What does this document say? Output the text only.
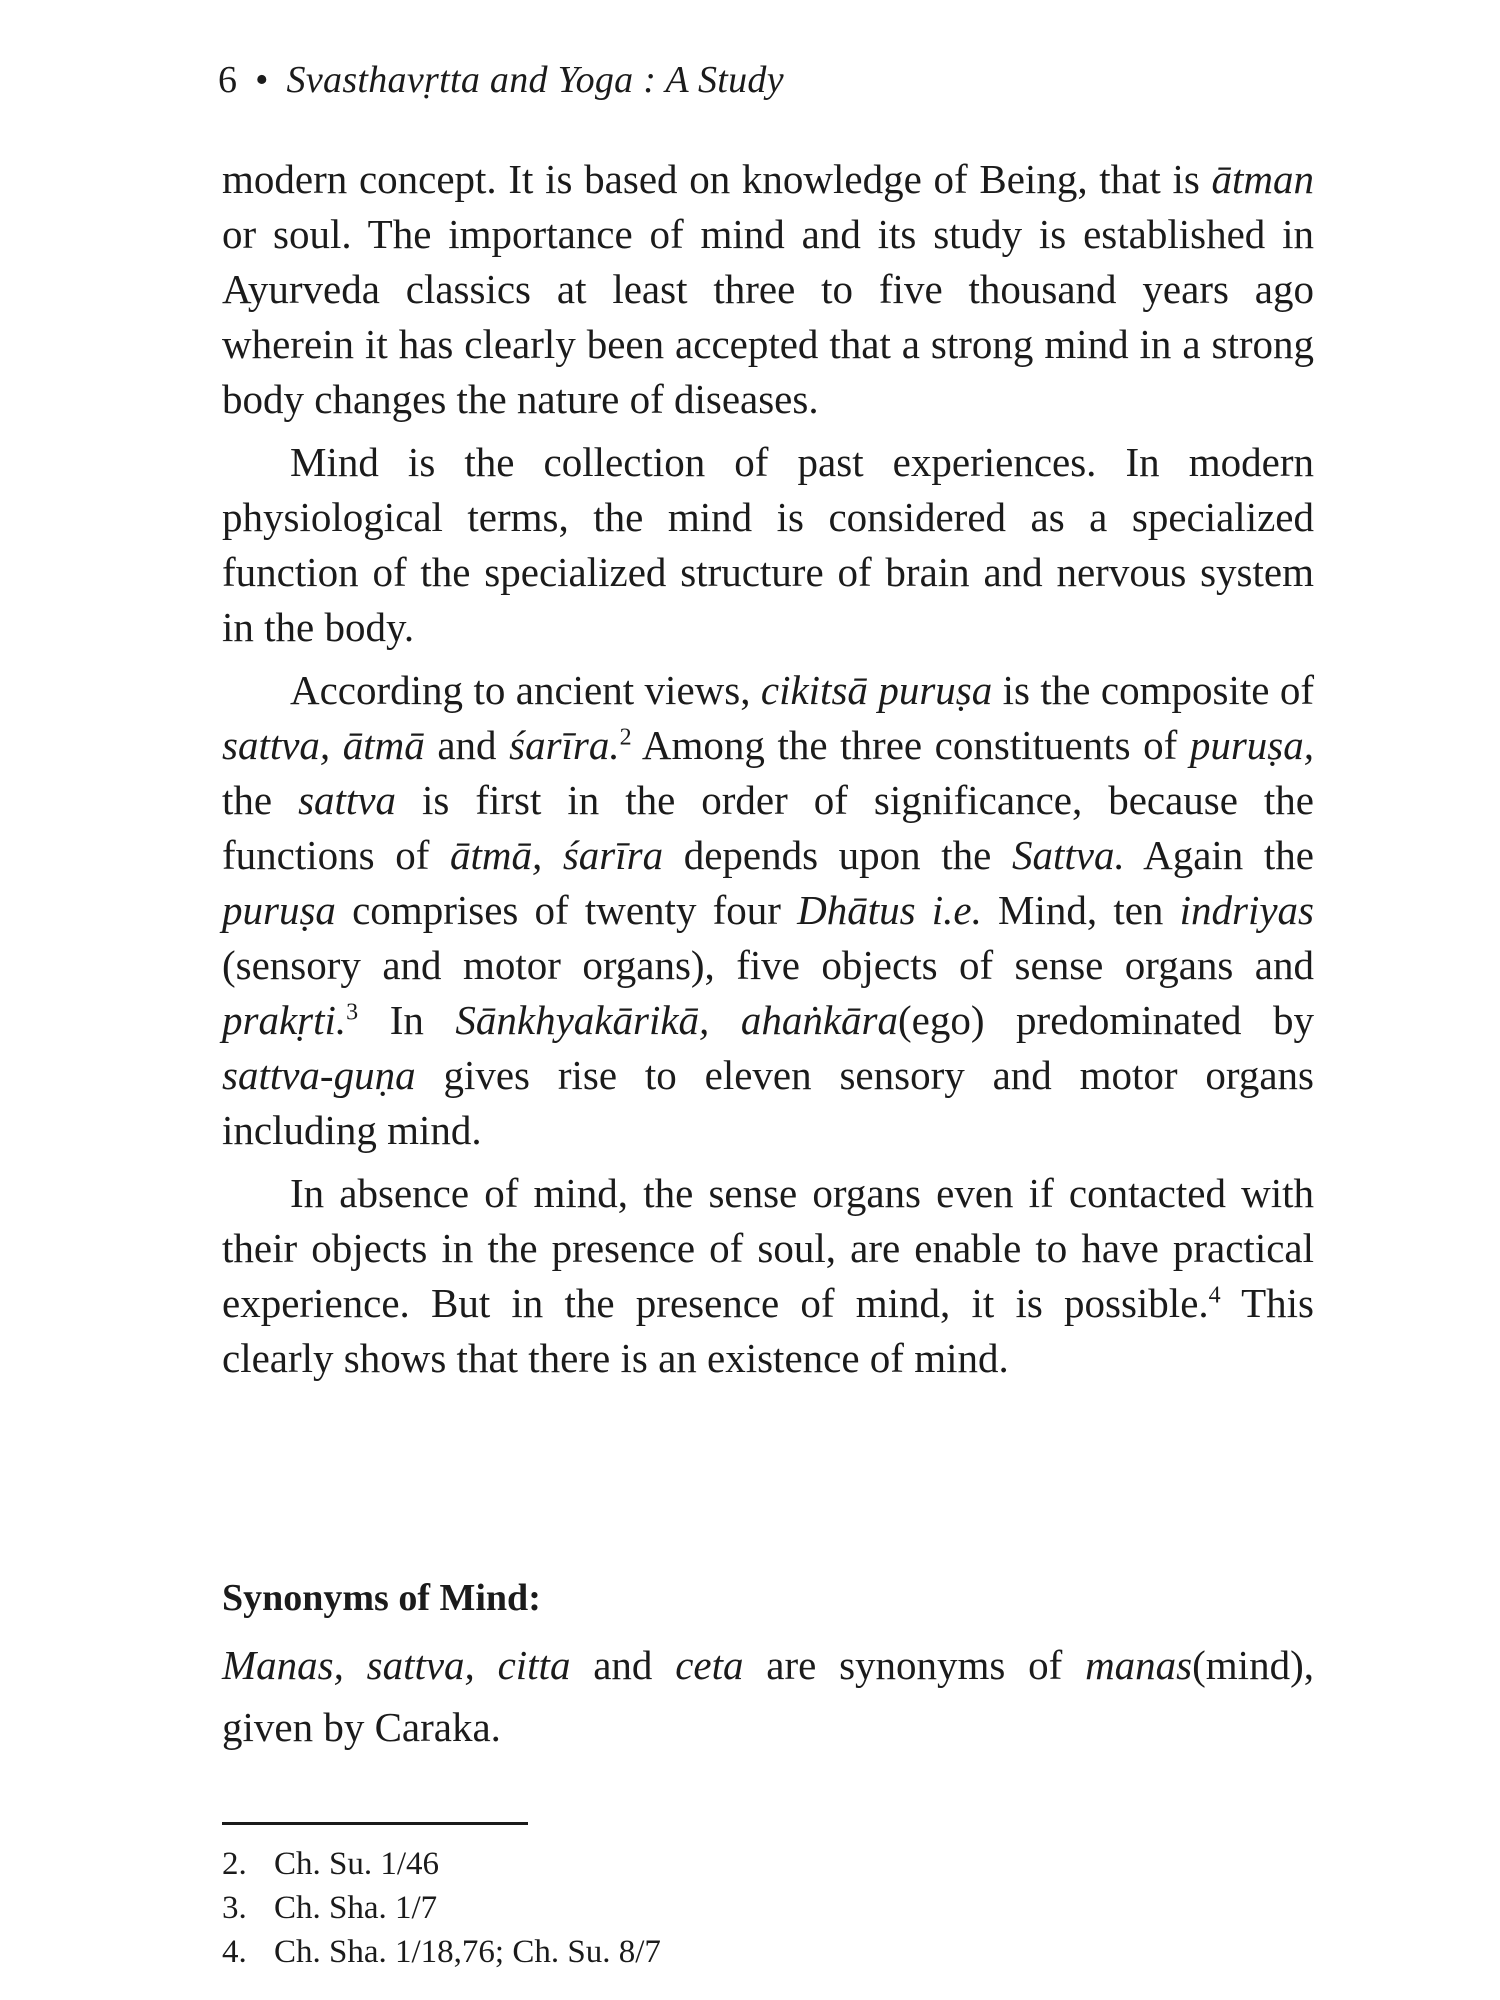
6 • Svasthavṛtta and Yoga : A Study

modern concept. It is based on knowledge of Being, that is ātman or soul. The importance of mind and its study is established in Ayurveda classics at least three to five thousand years ago wherein it has clearly been accepted that a strong mind in a strong body changes the nature of diseases.

Mind is the collection of past experiences. In modern physiological terms, the mind is considered as a specialized function of the specialized structure of brain and nervous system in the body.

According to ancient views, cikitsā puruṣa is the composite of sattva, ātmā and śarīra.$^2$ Among the three constituents of puruṣa, the sattva is first in the order of significance, because the functions of ātmā, śarīra depends upon the Sattva. Again the puruṣa comprises of twenty four Dhātus i.e. Mind, ten indriyas (sensory and motor organs), five objects of sense organs and prakṛti.$^3$ In Sānkhyakārikā, ahaṅkāra(ego) predominated by sattva-guṇa gives rise to eleven sensory and motor organs including mind.

In absence of mind, the sense organs even if contacted with their objects in the presence of soul, are enable to have practical experience. But in the presence of mind, it is possible.$^4$ This clearly shows that there is an existence of mind.

Synonyms of Mind:
Manas, sattva, citta and ceta are synonyms of manas(mind), given by Caraka.
2. Ch. Su. 1/46
3. Ch. Sha. 1/7
4. Ch. Sha. 1/18,76; Ch. Su. 8/7
